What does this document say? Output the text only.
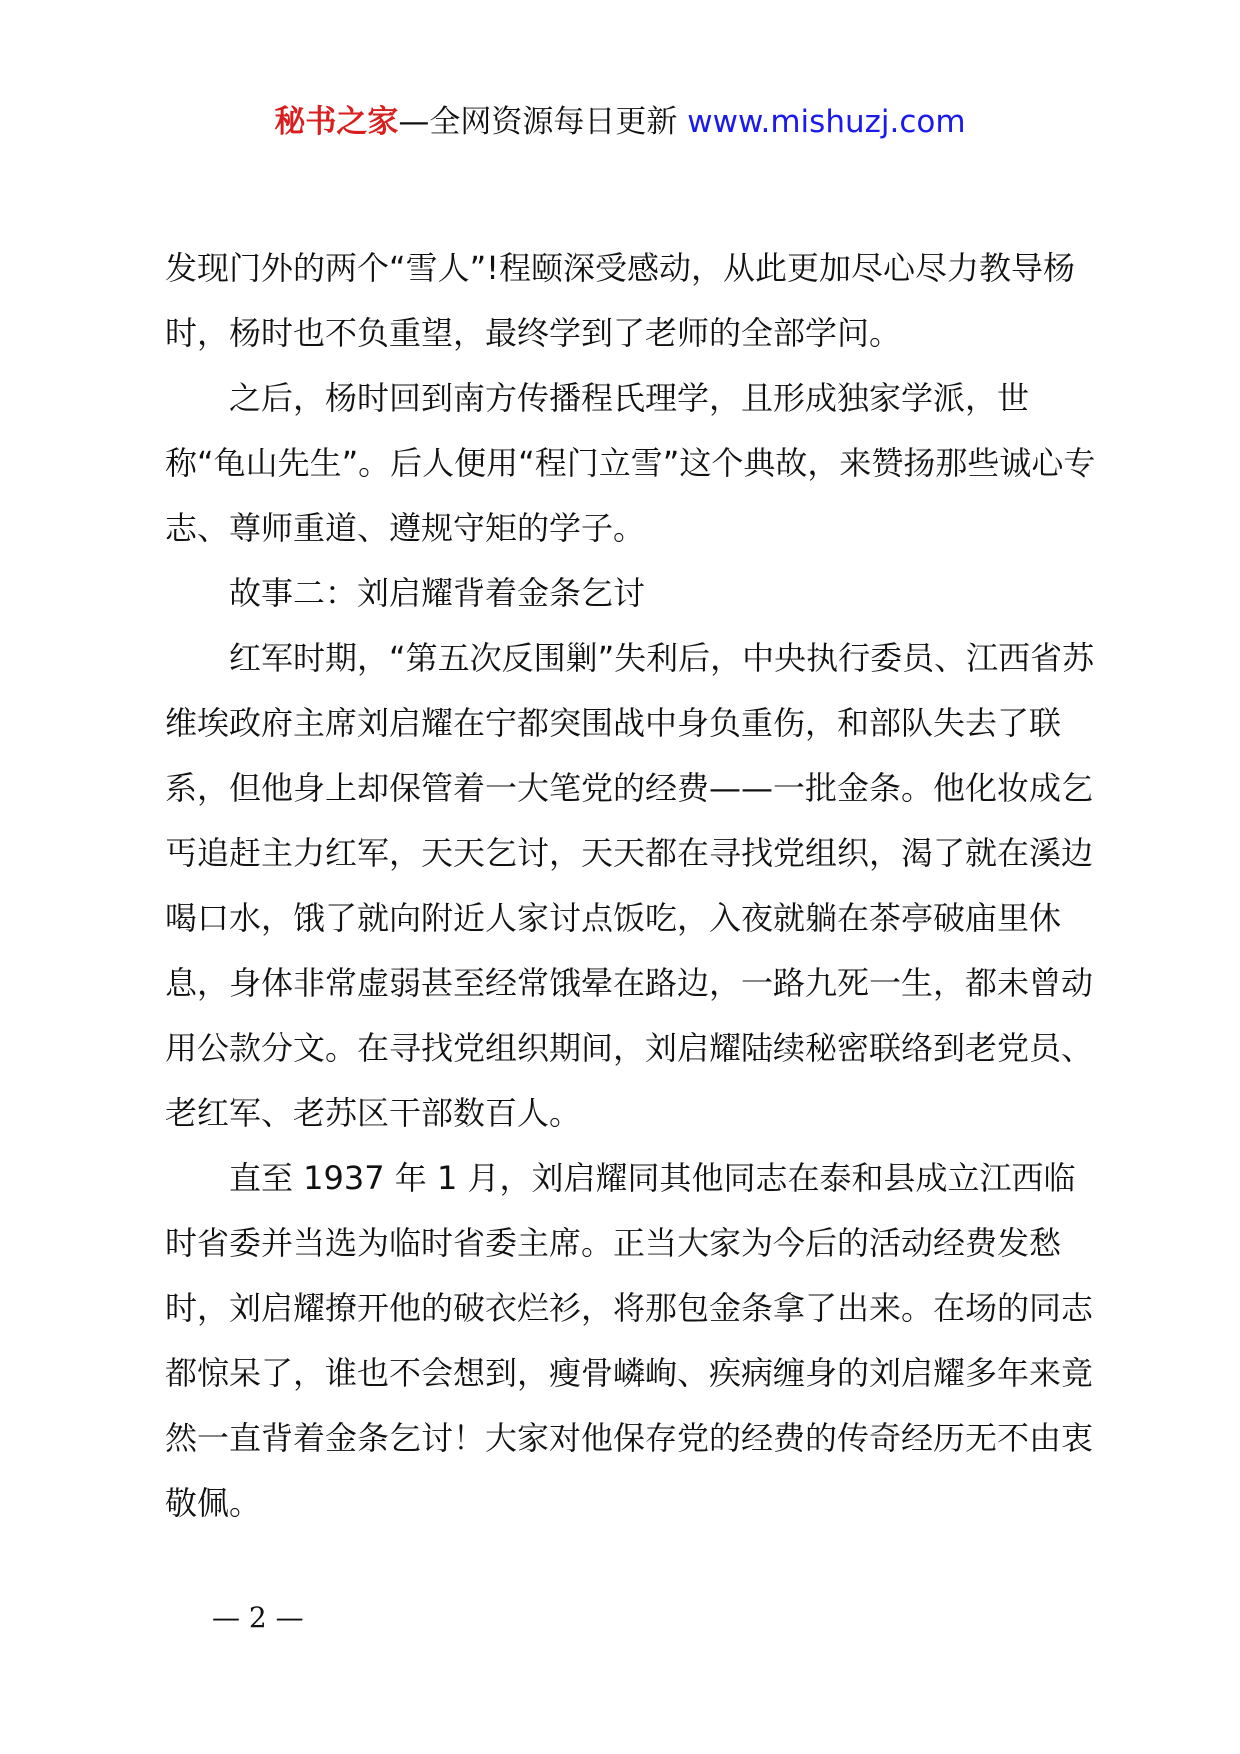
秘书之家—全网资源每日更新 www.mishuzj.com

发现门外的两个“雪人”!程颐深受感动，从此更加尽心尽力教导杨时，杨时也不负重望，最终学到了老师的全部学问。

之后，杨时回到南方传播程氏理学，且形成独家学派，世称“龟山先生”。后人便用“程门立雪”这个典故，来赞扬那些诚心专志、尊师重道、遵规守矩的学子。

故事二：刘启耀背着金条乞讨

红军时期，“第五次反围剿”失利后，中央执行委员、江西省苏维埃政府主席刘启耀在宁都突围战中身负重伤，和部队失去了联系，但他身上却保管着一大笔党的经费——一批金条。他化妆成乞丐追赶主力红军，天天乞讨，天天都在寻找党组织，渴了就在溪边喝口水，饿了就向附近人家讨点饭吃，入夜就躺在茶亭破庙里休息，身体非常虚弱甚至经常饿晕在路边，一路九死一生，都未曾动用公款分文。在寻找党组织期间，刘启耀陆续秘密联络到老党员、老红军、老苏区干部数百人。

直至 1937 年 1 月，刘启耀同其他同志在泰和县成立江西临时省委并当选为临时省委主席。正当大家为今后的活动经费发愁时，刘启耀撩开他的破衣烂衫，将那包金条拿了出来。在场的同志都惊呆了，谁也不会想到，瘦骨嶙峋、疾病缠身的刘启耀多年来竟然一直背着金条乞讨！大家对他保存党的经费的传奇经历无不由衷敬佩。

— 2 —
